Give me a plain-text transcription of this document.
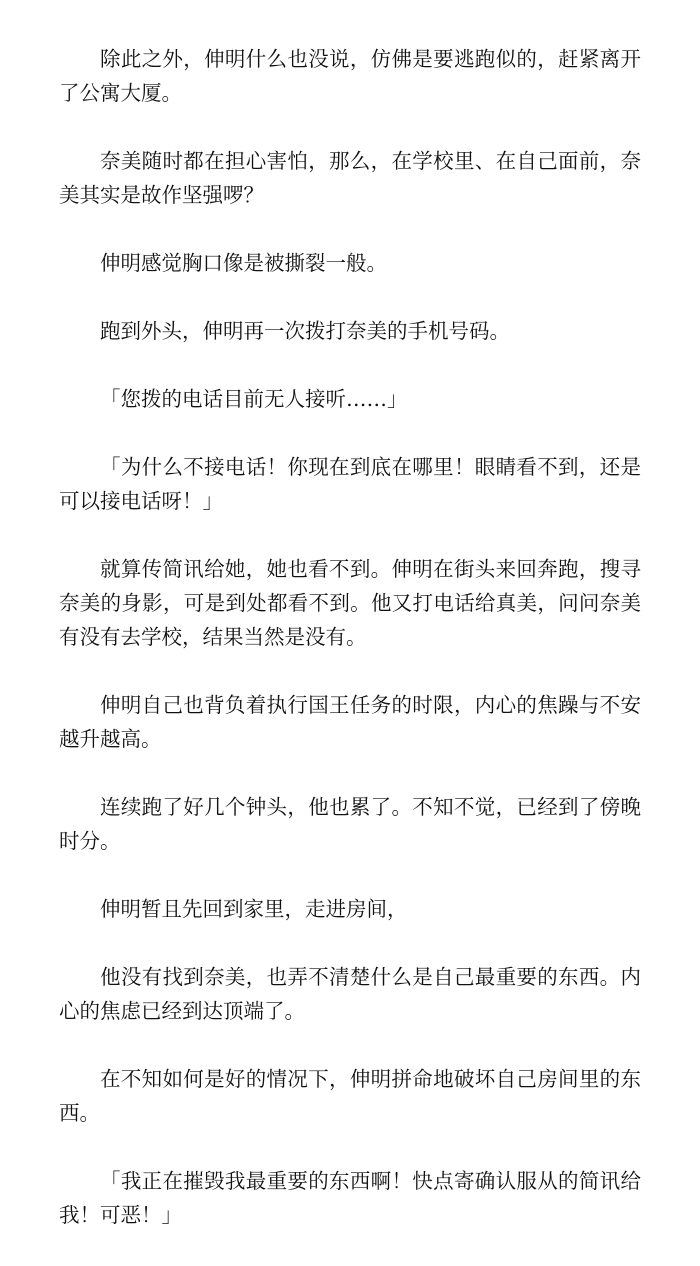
除此之外，伸明什么也没说，仿佛是要逃跑似的，赶紧离开了公寓大厦。

奈美随时都在担心害怕，那么，在学校里、在自己面前，奈美其实是故作坚强啰？

伸明感觉胸口像是被撕裂一般。

跑到外头，伸明再一次拨打奈美的手机号码。

「您拨的电话目前无人接听……」

「为什么不接电话！你现在到底在哪里！眼睛看不到，还是可以接电话呀！」

就算传简讯给她，她也看不到。伸明在街头来回奔跑，搜寻奈美的身影，可是到处都看不到。他又打电话给真美，问问奈美有没有去学校，结果当然是没有。

伸明自己也背负着执行国王任务的时限，内心的焦躁与不安越升越高。

连续跑了好几个钟头，他也累了。不知不觉，已经到了傍晚时分。

伸明暂且先回到家里，走进房间，

他没有找到奈美，也弄不清楚什么是自己最重要的东西。内心的焦虑已经到达顶端了。

在不知如何是好的情况下，伸明拼命地破坏自己房间里的东西。

「我正在摧毁我最重要的东西啊！快点寄确认服从的简讯给我！可恶！」
